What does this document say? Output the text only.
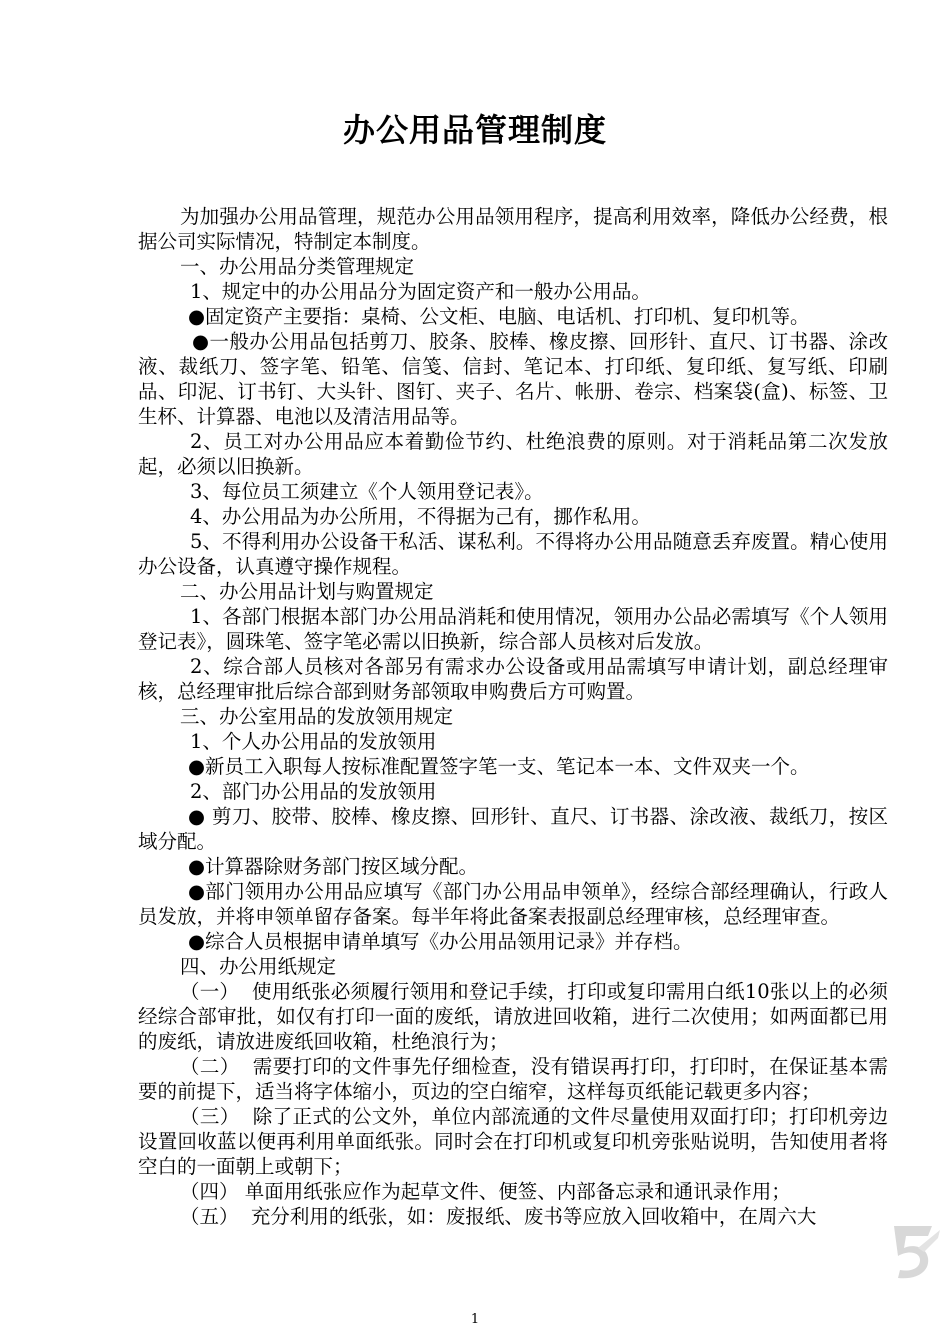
办公用品管理制度

为加强办公用品管理，规范办公用品领用程序，提高利用效率，降低办公经费，根据公司实际情况，特制定本制度。

一、办公用品分类管理规定

1、规定中的办公用品分为固定资产和一般办公用品。

●固定资产主要指：桌椅、公文柜、电脑、电话机、打印机、复印机等。

●一般办公用品包括剪刀、胶条、胶棒、橡皮擦、回形针、直尺、订书器、涂改液、裁纸刀、签字笔、铅笔、信笺、信封、笔记本、打印纸、复印纸、复写纸、印刷品、印泥、订书钉、大头针、图钉、夹子、名片、帐册、卷宗、档案袋(盒)、标签、卫生杯、计算器、电池以及清洁用品等。

2、员工对办公用品应本着勤俭节约、杜绝浪费的原则。对于消耗品第二次发放起，必须以旧换新。

3、每位员工须建立《个人领用登记表》。

4、办公用品为办公所用，不得据为己有，挪作私用。

5、不得利用办公设备干私活、谋私利。不得将办公用品随意丢弃废置。精心使用办公设备，认真遵守操作规程。

二、办公用品计划与购置规定

1、各部门根据本部门办公用品消耗和使用情况，领用办公品必需填写《个人领用登记表》，圆珠笔、签字笔必需以旧换新，综合部人员核对后发放。

2、综合部人员核对各部另有需求办公设备或用品需填写申请计划，副总经理审核，总经理审批后综合部到财务部领取申购费后方可购置。

三、办公室用品的发放领用规定

1、个人办公用品的发放领用

●新员工入职每人按标准配置签字笔一支、笔记本一本、文件双夹一个。

2、部门办公用品的发放领用

● 剪刀、胶带、胶棒、橡皮擦、回形针、直尺、订书器、涂改液、裁纸刀，按区域分配。

●计算器除财务部门按区域分配。

●部门领用办公用品应填写《部门办公用品申领单》，经综合部经理确认，行政人员发放，并将申领单留存备案。每半年将此备案表报副总经理审核，总经理审查。

●综合人员根据申请单填写《办公用品领用记录》并存档。

四、办公用纸规定

（一）  使用纸张必须履行领用和登记手续，打印或复印需用白纸10张以上的必须经综合部审批，如仅有打印一面的废纸，请放进回收箱，进行二次使用；如两面都已用的废纸，请放进废纸回收箱，杜绝浪行为；

（二）  需要打印的文件事先仔细检查，没有错误再打印，打印时，在保证基本需要的前提下，适当将字体缩小，页边的空白缩窄，这样每页纸能记载更多内容；

（三）  除了正式的公文外，单位内部流通的文件尽量使用双面打印；打印机旁边设置回收蓝以便再利用单面纸张。同时会在打印机或复印机旁张贴说明，告知使用者将空白的一面朝上或朝下；

（四） 单面用纸张应作为起草文件、便签、内部备忘录和通讯录作用；

（五）  充分利用的纸张，如：废报纸、废书等应放入回收箱中，在周六大

1
